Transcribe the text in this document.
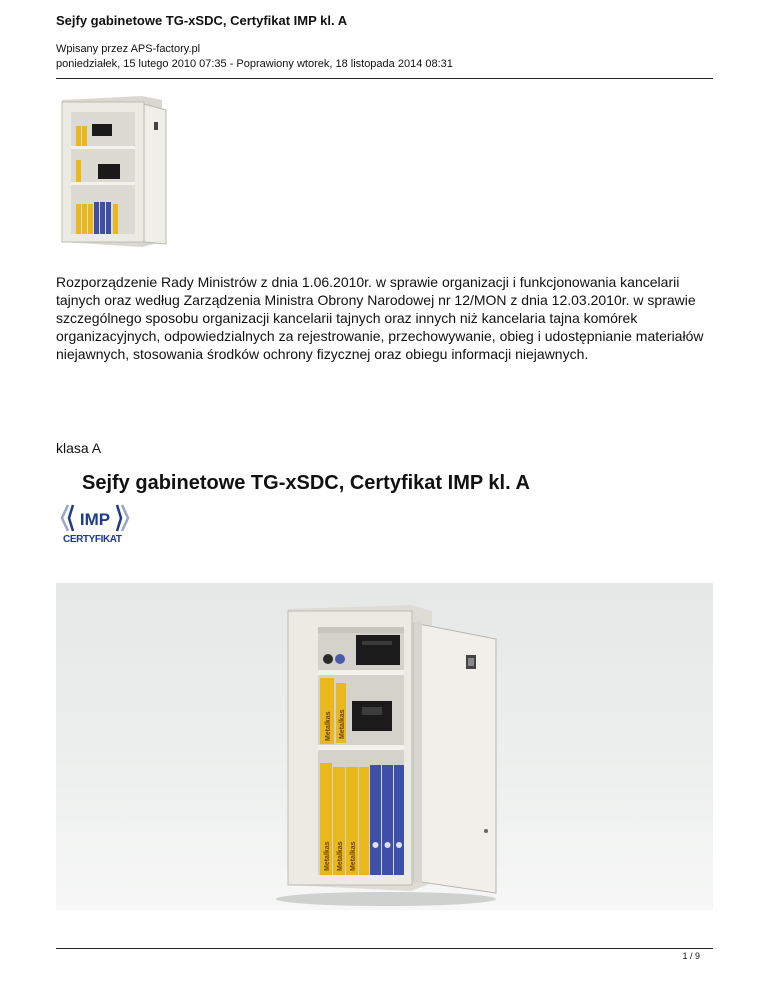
Sejfy gabinetowe TG-xSDC, Certyfikat IMP kl. A
Wpisany przez APS-factory.pl
poniedziałek, 15 lutego 2010 07:35 - Poprawiony wtorek, 18 listopada 2014 08:31

Rozporządzenie Rady Ministrów z dnia 1.06.2010r. w sprawie organizacji i funkcjonowania kancelarii tajnych oraz według Zarządzenia Ministra Obrony Narodowej nr 12/MON z dnia 12.03.2010r. w sprawie szczególnego sposobu organizacji kancelarii tajnych oraz innych niż kancelaria tajna komórek organizacyjnych, odpowiedzialnych za rejestrowanie, przechowywanie, obieg i udostępnianie materiałów niejawnych, stosowania środków ochrony fizycznej oraz obiegu informacji niejawnych.

klasa A
Sejfy gabinetowe TG-xSDC, Certyfikat IMP kl. A
IMP
CERTYFIKAT
Metalkas Metalkas
Metalkas Metalkas Metalkas
1 / 9
